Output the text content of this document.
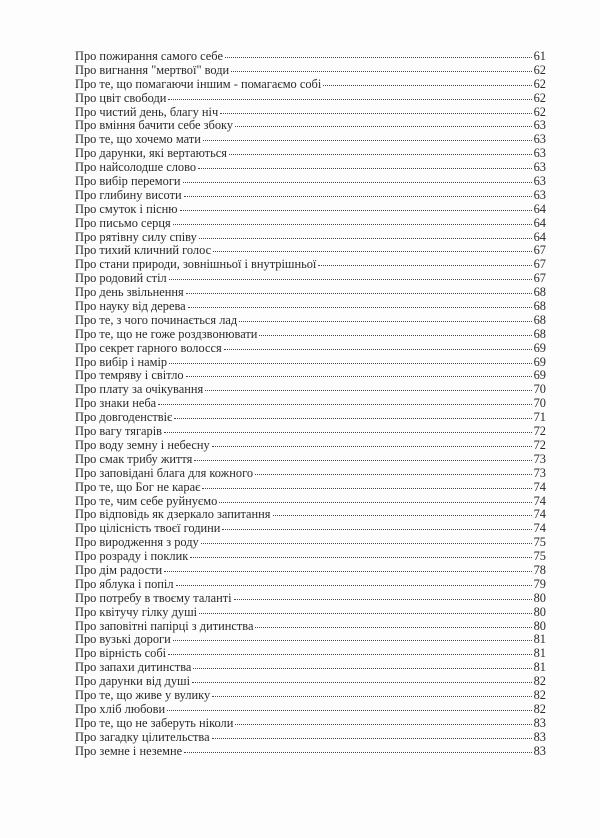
Про пожирання самого себе	61
Про вигнання "мертвої" води	62
Про те, що помагаючи іншим - помагаємо собі	62
Про цвіт свободи	62
Про чистий день, благу ніч	62
Про вміння бачити себе збоку	63
Про те, що хочемо мати	63
Про дарунки, які вертаються	63
Про найсолодше слово	63
Про вибір перемоги	63
Про глибину висоти	63
Про смуток і пісню	64
Про письмо серця	64
Про рятівну силу співу	64
Про тихий кличний голос	67
Про стани природи, зовнішньої і внутрішньої	67
Про родовий стіл	67
Про день звільнення	68
Про науку від дерева	68
Про те, з чого починається лад	68
Про те, що не гоже роздзвонювати	68
Про секрет гарного волосся	69
Про вибір і намір	69
Про темряву і світло	69
Про плату за очікування	70
Про знаки неба	70
Про довгоденствіє	71
Про вагу тягарів	72
Про воду земну і небесну	72
Про смак трибу життя	73
Про заповідані блага для кожного	73
Про те, що Бог не карає	74
Про те, чим себе руйнуємо	74
Про відповідь як дзеркало запитання	74
Про цілісність твоєї години	74
Про виродження з роду	75
Про розраду і поклик	75
Про дім радости	78
Про яблука і попіл	79
Про потребу в твоєму таланті	80
Про квітучу гілку душі	80
Про заповітні папірці з дитинства	80
Про вузькі дороги	81
Про вірність собі	81
Про запахи дитинства	81
Про дарунки від душі	82
Про те, що живе у вулику	82
Про хліб любови	82
Про те, що не заберуть ніколи	83
Про загадку цілительства	83
Про земне і неземне	83
